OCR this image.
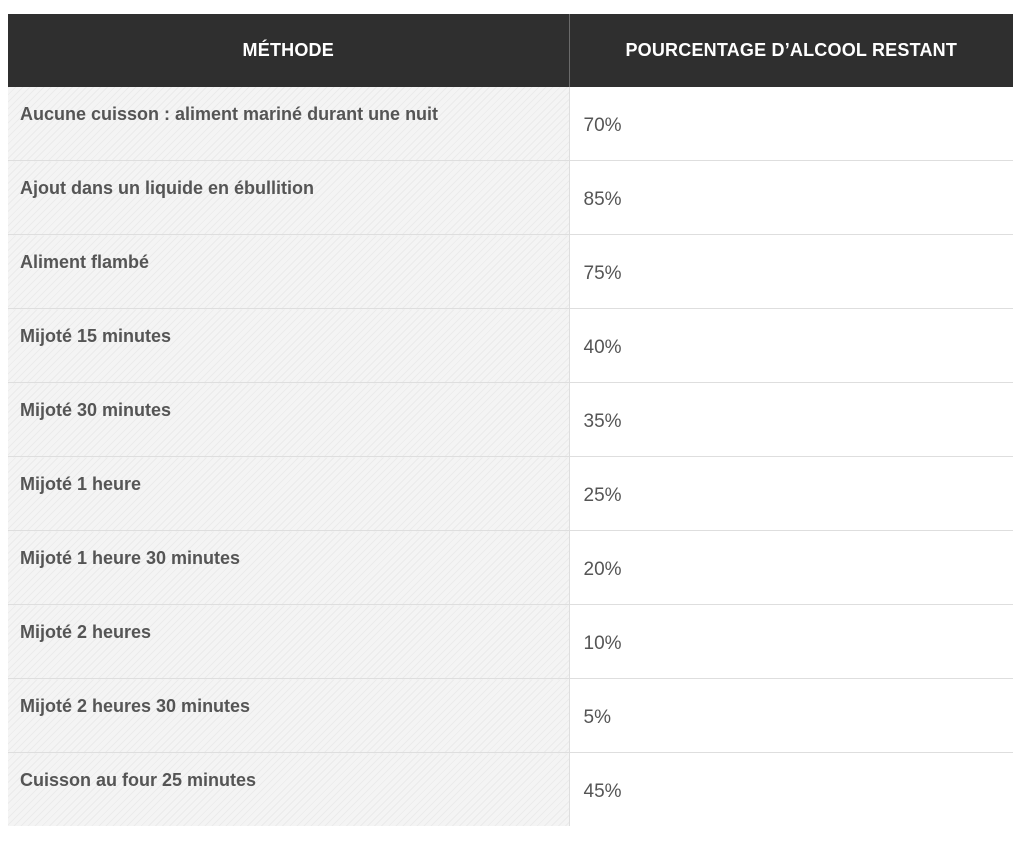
MÉTHODE	POURCENTAGE D’ALCOOL RESTANT

Aucune cuisson : aliment mariné durant une nuit	70%

Ajout dans un liquide en ébullition	85%

Aliment flambé	75%

Mijoté 15 minutes	40%

Mijoté 30 minutes	35%

Mijoté 1 heure	25%

Mijoté 1 heure 30 minutes	20%

Mijoté 2 heures	10%

Mijoté 2 heures 30 minutes	5%

Cuisson au four 25 minutes	45%
